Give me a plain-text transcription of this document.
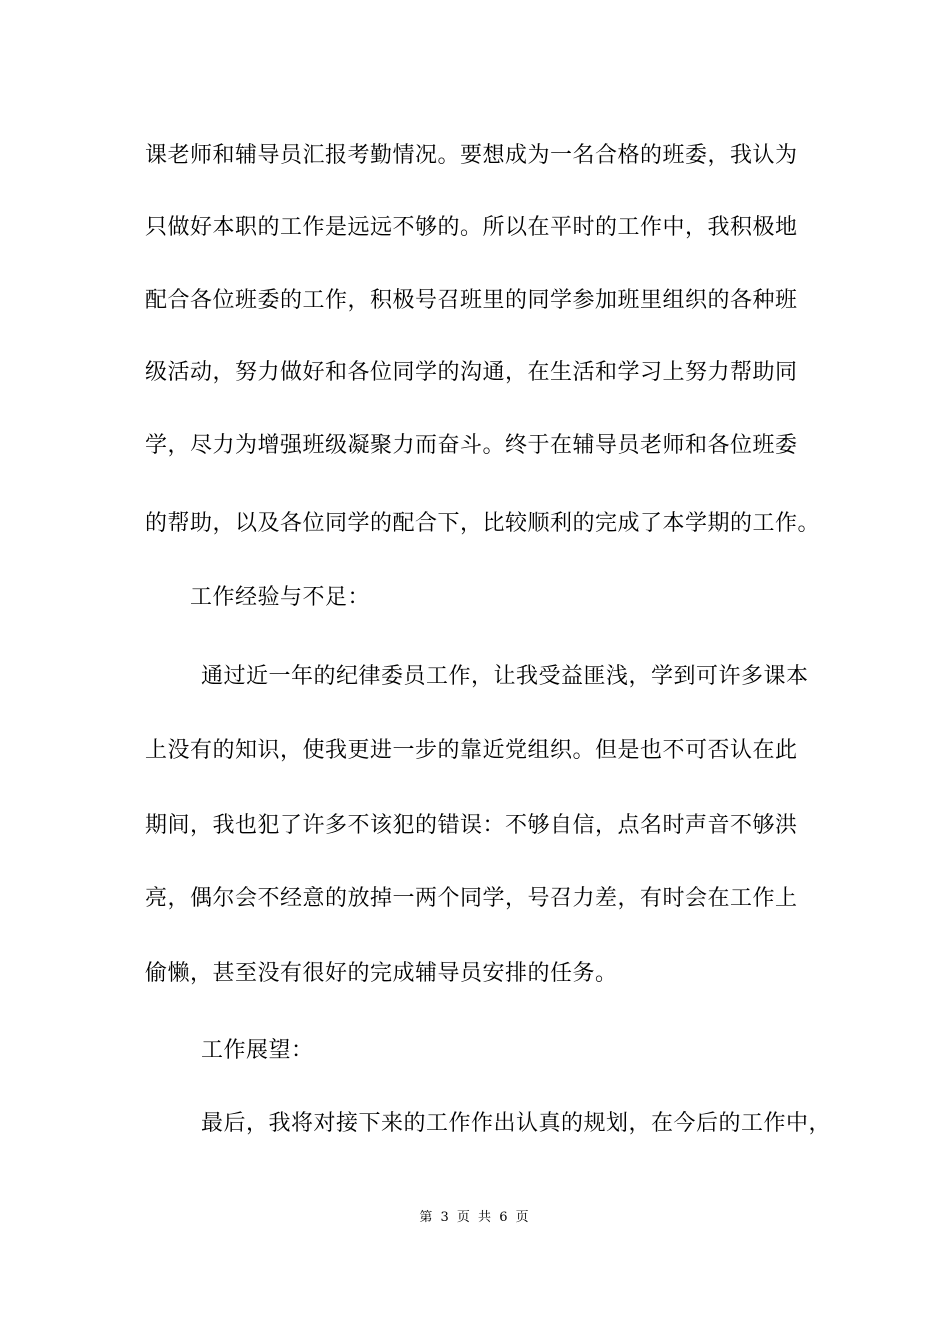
课老师和辅导员汇报考勤情况。要想成为一名合格的班委，我认为
只做好本职的工作是远远不够的。所以在平时的工作中，我积极地
配合各位班委的工作，积极号召班里的同学参加班里组织的各种班
级活动，努力做好和各位同学的沟通，在生活和学习上努力帮助同
学，尽力为增强班级凝聚力而奋斗。终于在辅导员老师和各位班委
的帮助，以及各位同学的配合下，比较顺利的完成了本学期的工作。
工作经验与不足：
通过近一年的纪律委员工作，让我受益匪浅，学到可许多课本
上没有的知识，使我更进一步的靠近党组织。但是也不可否认在此
期间，我也犯了许多不该犯的错误：不够自信，点名时声音不够洪
亮，偶尔会不经意的放掉一两个同学，号召力差，有时会在工作上
偷懒，甚至没有很好的完成辅导员安排的任务。
工作展望：
最后，我将对接下来的工作作出认真的规划，在今后的工作中，
第 3 页 共 6 页
